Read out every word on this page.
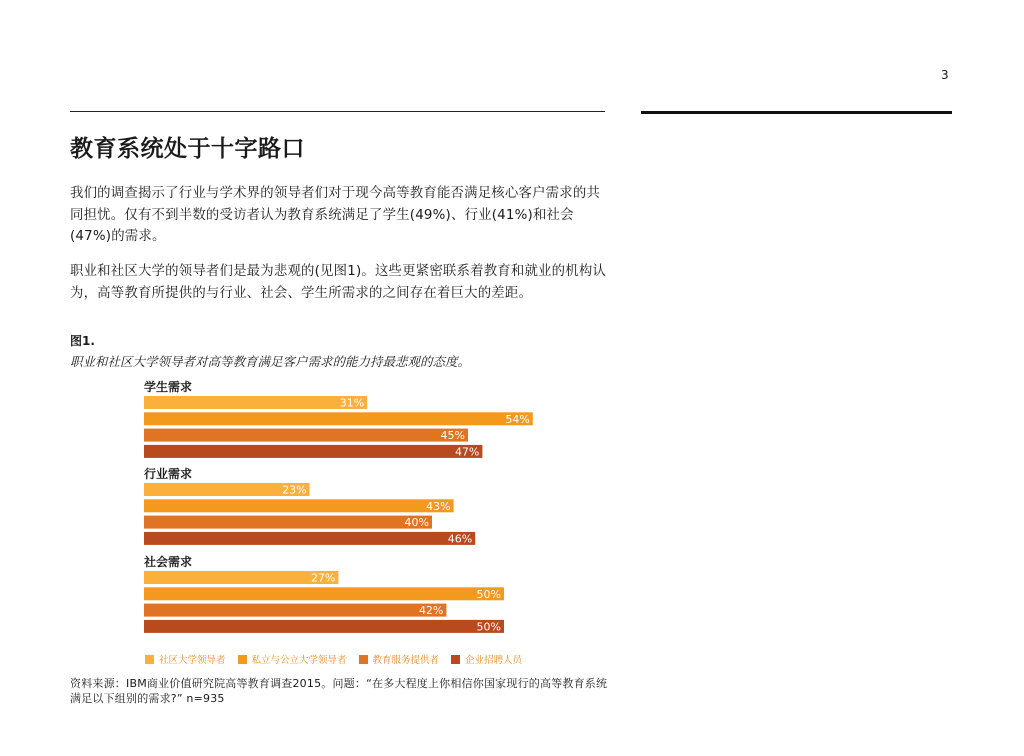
3
教育系统处于十字路口

我们的调查揭示了行业与学术界的领导者们对于现今高等教育能否满足核心客户需求的共同担忧。仅有不到半数的受访者认为教育系统满足了学生(49%)、行业(41%)和社会(47%)的需求。

职业和社区大学的领导者们是最为悲观的(见图1)。这些更紧密联系着教育和就业的机构认为，高等教育所提供的与行业、社会、学生所需求的之间存在着巨大的差距。

图1.
职业和社区大学领导者对高等教育满足客户需求的能力持最悲观的态度。
学生需求
31%
54%
45%
47%
行业需求
23%
43%
40%
46%
社会需求
27%
50%
42%
50%
社区大学领导者	私立与公立大学领导者	教育服务提供者	企业招聘人员
资料来源：IBM商业价值研究院高等教育调查2015。问题：“在多大程度上你相信你国家现行的高等教育系统满足以下组别的需求?” n=935
